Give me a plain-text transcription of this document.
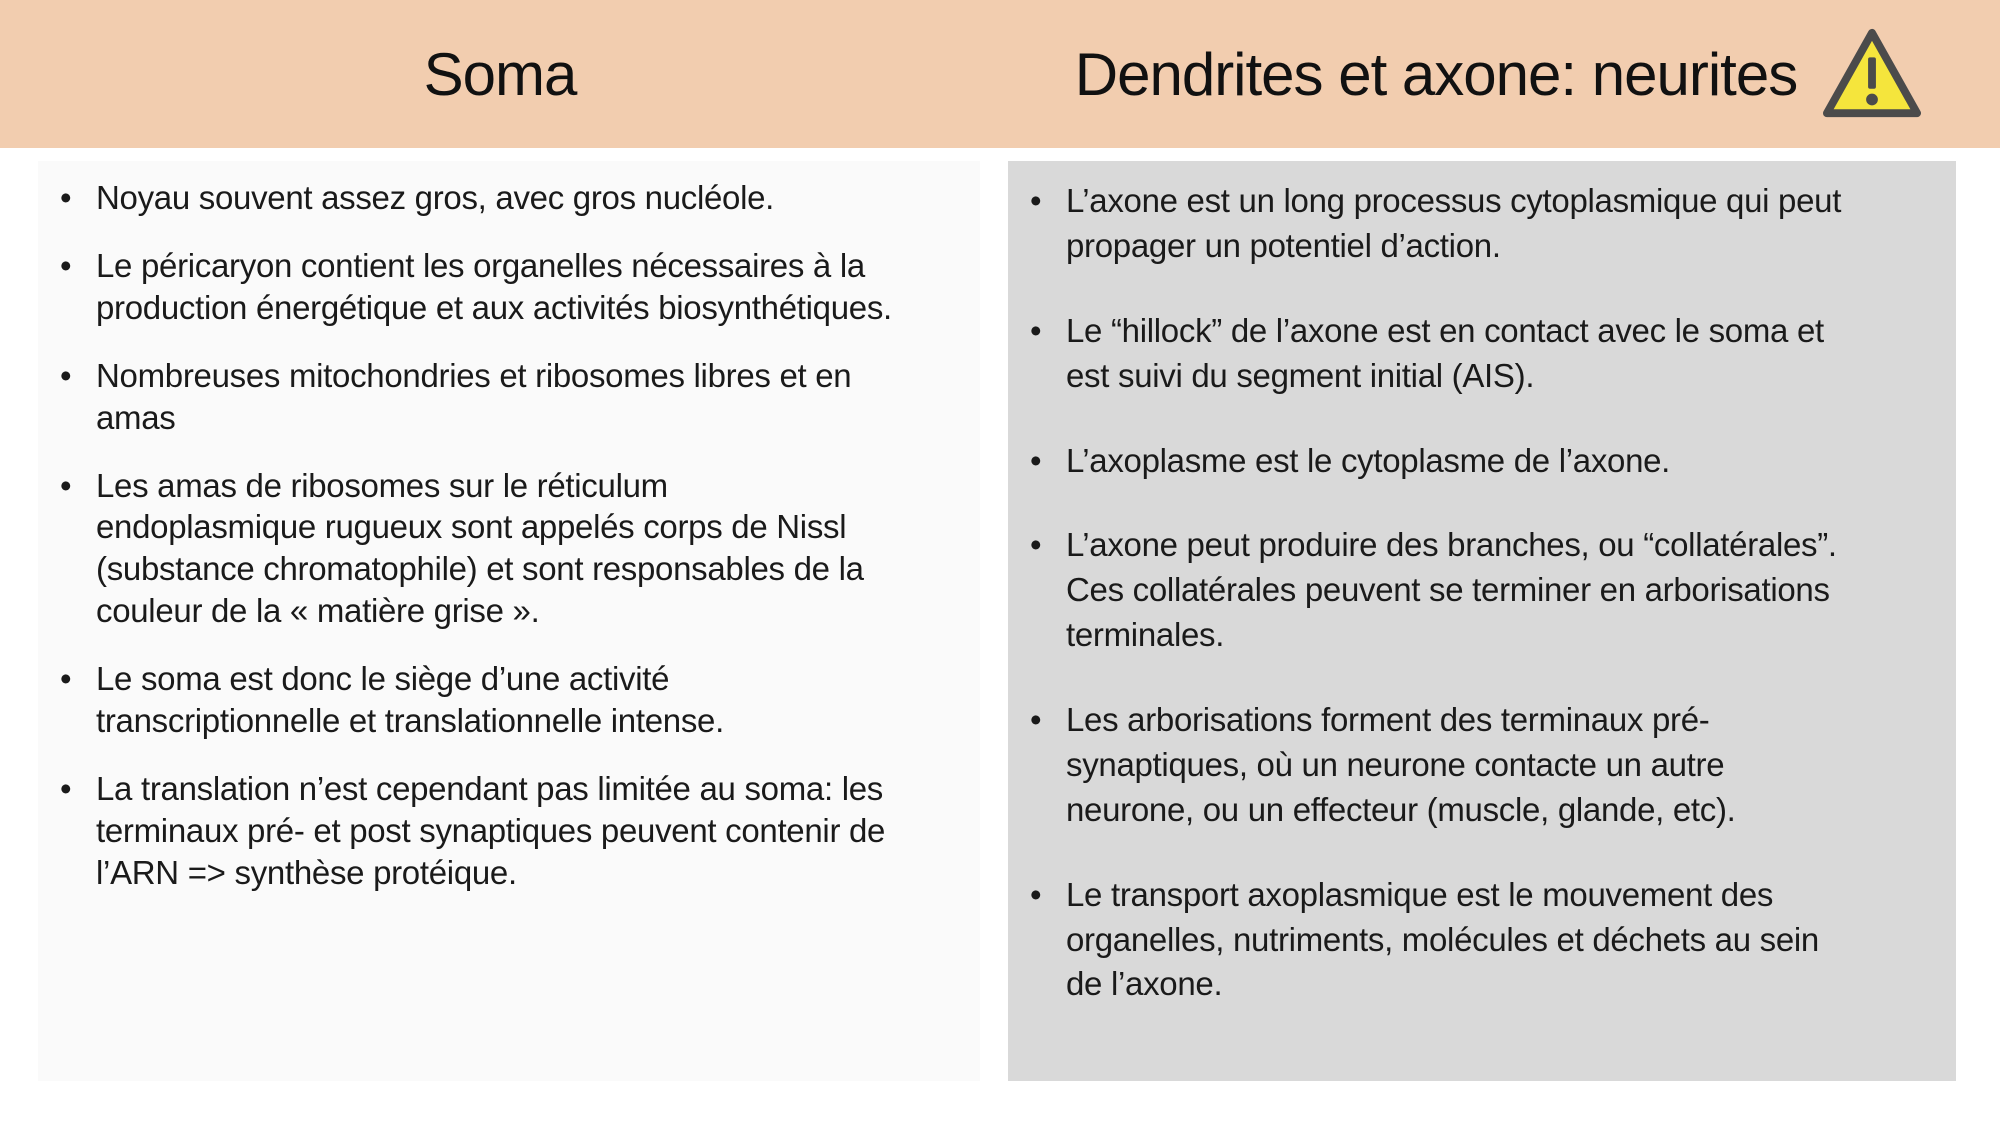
Soma	Dendrites et axone: neurites
• Noyau souvent assez gros, avec gros nucléole.
• Le péricaryon contient les organelles nécessaires à la production énergétique et aux activités biosynthétiques.
• Nombreuses mitochondries et ribosomes libres et en amas
• Les amas de ribosomes sur le réticulum endoplasmique rugueux sont appelés corps de Nissl (substance chromatophile) et sont responsables de la couleur de la « matière grise ».
• Le soma est donc le siège d’une activité transcriptionnelle et translationnelle intense.
• La translation n’est cependant pas limitée au soma: les terminaux pré- et post synaptiques peuvent contenir de l’ARN => synthèse protéique.
• L’axone est un long processus cytoplasmique qui peut propager un potentiel d’action.
• Le “hillock” de l’axone est en contact avec le soma et est suivi du segment initial (AIS).
• L’axoplasme est le cytoplasme de l’axone.
• L’axone peut produire des branches, ou “collatérales”. Ces collatérales peuvent se terminer en arborisations terminales.
• Les arborisations forment des terminaux pré-synaptiques, où un neurone contacte un autre neurone, ou un effecteur (muscle, glande, etc).
• Le transport axoplasmique est le mouvement des organelles, nutriments, molécules et déchets au sein de l’axone.
